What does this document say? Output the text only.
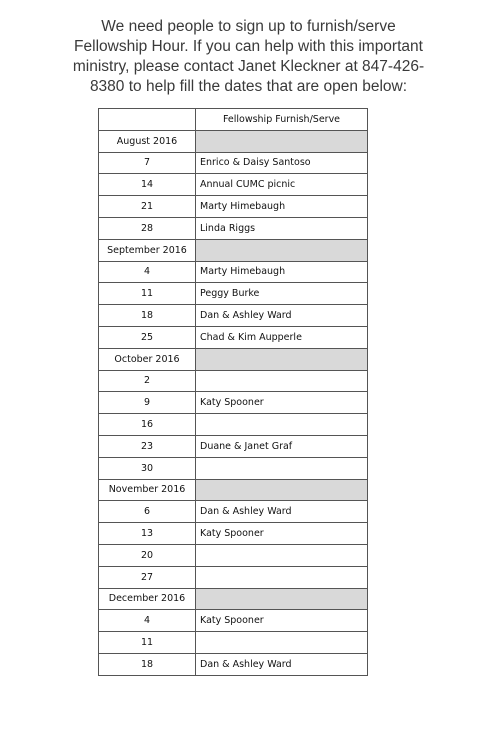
We need people to sign up to furnish/serve
Fellowship Hour. If you can help with this important
ministry, please contact Janet Kleckner at 847-426-
8380 to help fill the dates that are open below:

	Fellowship Furnish/Serve
August 2016	
7	Enrico & Daisy Santoso
14	Annual CUMC picnic
21	Marty Himebaugh
28	Linda Riggs
September 2016	
4	Marty Himebaugh
11	Peggy Burke
18	Dan & Ashley Ward
25	Chad & Kim Aupperle
October 2016	
2	
9	Katy Spooner
16	
23	Duane & Janet Graf
30	
November 2016	
6	Dan & Ashley Ward
13	Katy Spooner
20	
27	
December 2016	
4	Katy Spooner
11	
18	Dan & Ashley Ward
